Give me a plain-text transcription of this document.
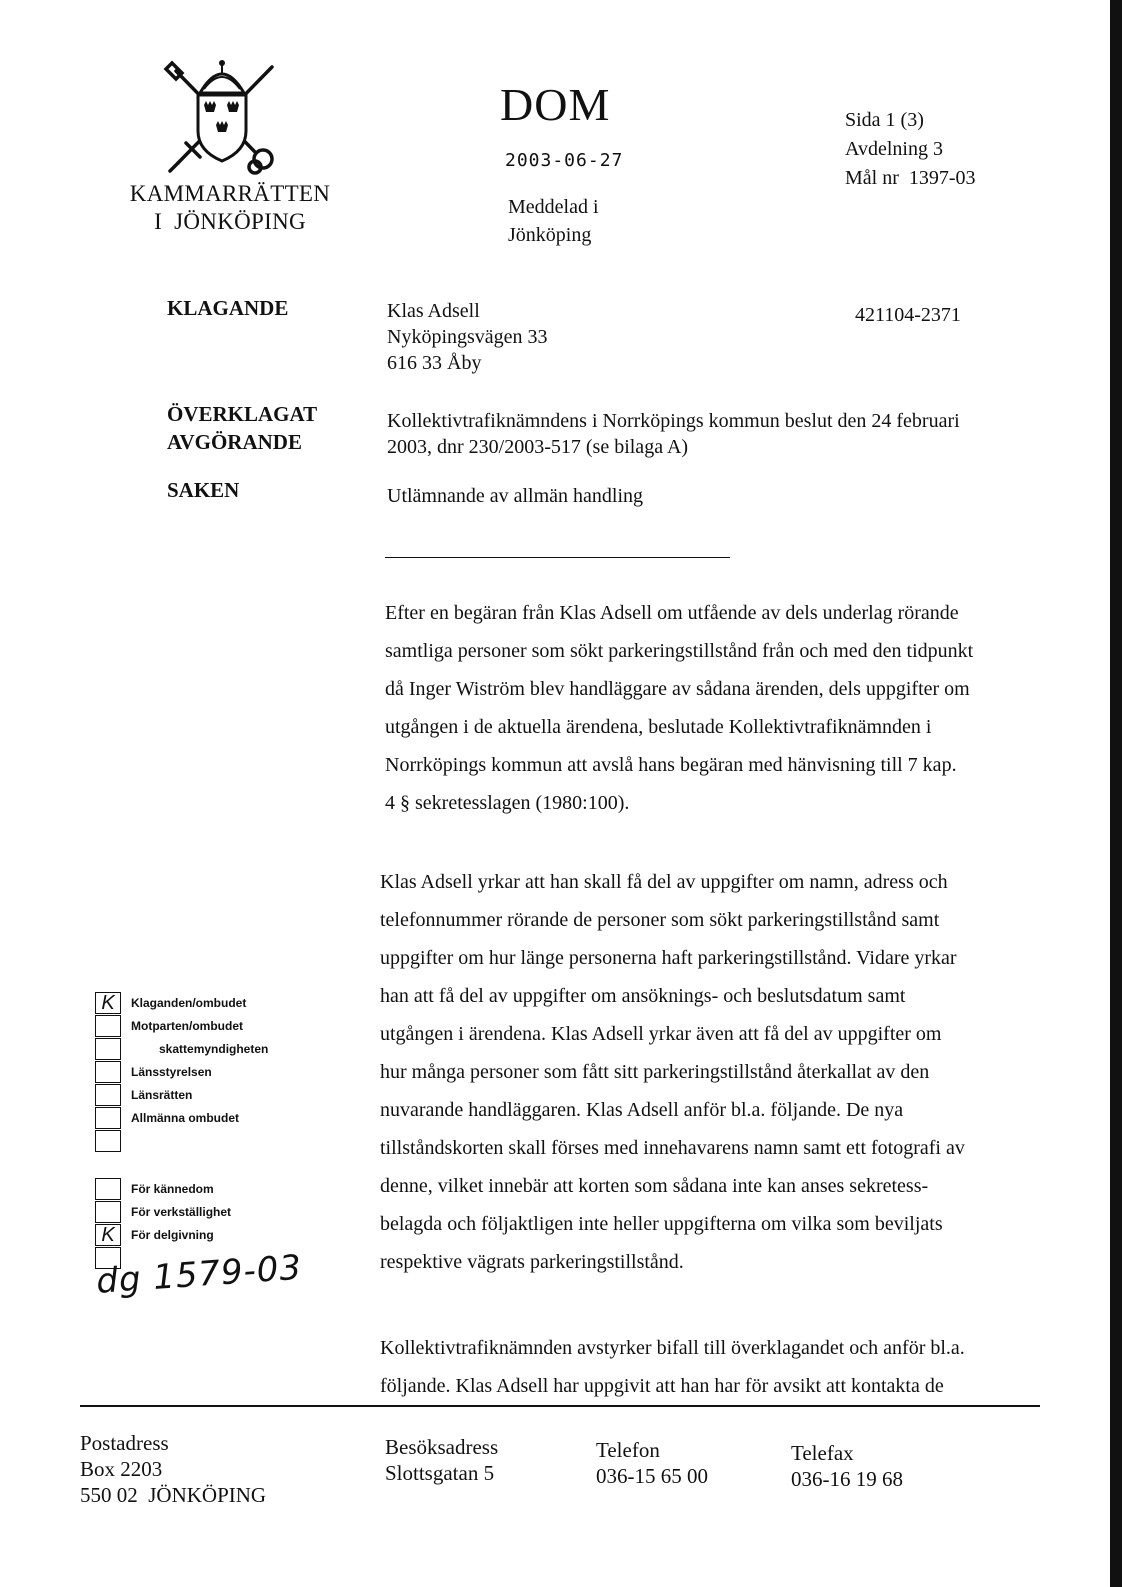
KAMMARRÄTTEN
I  JÖNKÖPING
DOM
2003-06-27
Meddelad i
Jönköping
Sida 1 (3)
Avdelning 3
Mål nr  1397-03
KLAGANDE	Klas Adsell
Nyköpingsvägen 33
616 33 Åby
421104-2371
ÖVERKLAGAT
AVGÖRANDE
Kollektivtrafiknämndens i Norrköpings kommun beslut den 24 februari
2003, dnr 230/2003-517 (se bilaga A)
SAKEN	Utlämnande av allmän handling
Efter en begäran från Klas Adsell om utfående av dels underlag rörande
samtliga personer som sökt parkeringstillstånd från och med den tidpunkt
då Inger Wiström blev handläggare av sådana ärenden, dels uppgifter om
utgången i de aktuella ärendena, beslutade Kollektivtrafiknämnden i
Norrköpings kommun att avslå hans begäran med hänvisning till 7 kap.
4 § sekretesslagen (1980:100).
Klas Adsell yrkar att han skall få del av uppgifter om namn, adress och
telefonnummer rörande de personer som sökt parkeringstillstånd samt
uppgifter om hur länge personerna haft parkeringstillstånd. Vidare yrkar
han att få del av uppgifter om ansöknings- och beslutsdatum samt
utgången i ärendena. Klas Adsell yrkar även att få del av uppgifter om
hur många personer som fått sitt parkeringstillstånd återkallat av den
nuvarande handläggaren. Klas Adsell anför bl.a. följande. De nya
tillståndskorten skall förses med innehavarens namn samt ett fotografi av
denne, vilket innebär att korten som sådana inte kan anses sekretess-
belagda och följaktligen inte heller uppgifterna om vilka som beviljats
respektive vägrats parkeringstillstånd.
Kollektivtrafiknämnden avstyrker bifall till överklagandet och anför bl.a.
följande. Klas Adsell har uppgivit att han har för avsikt att kontakta de
K	Klaganden/ombudet
Motparten/ombudet
skattemyndigheten
Länsstyrelsen
Länsrätten
Allmänna ombudet
För kännedom
För verkställighet
K	För delgivning
dg 1579-03
Postadress
Box 2203
550 02  JÖNKÖPING
Besöksadress
Slottsgatan 5
Telefon
036-15 65 00
Telefax
036-16 19 68
